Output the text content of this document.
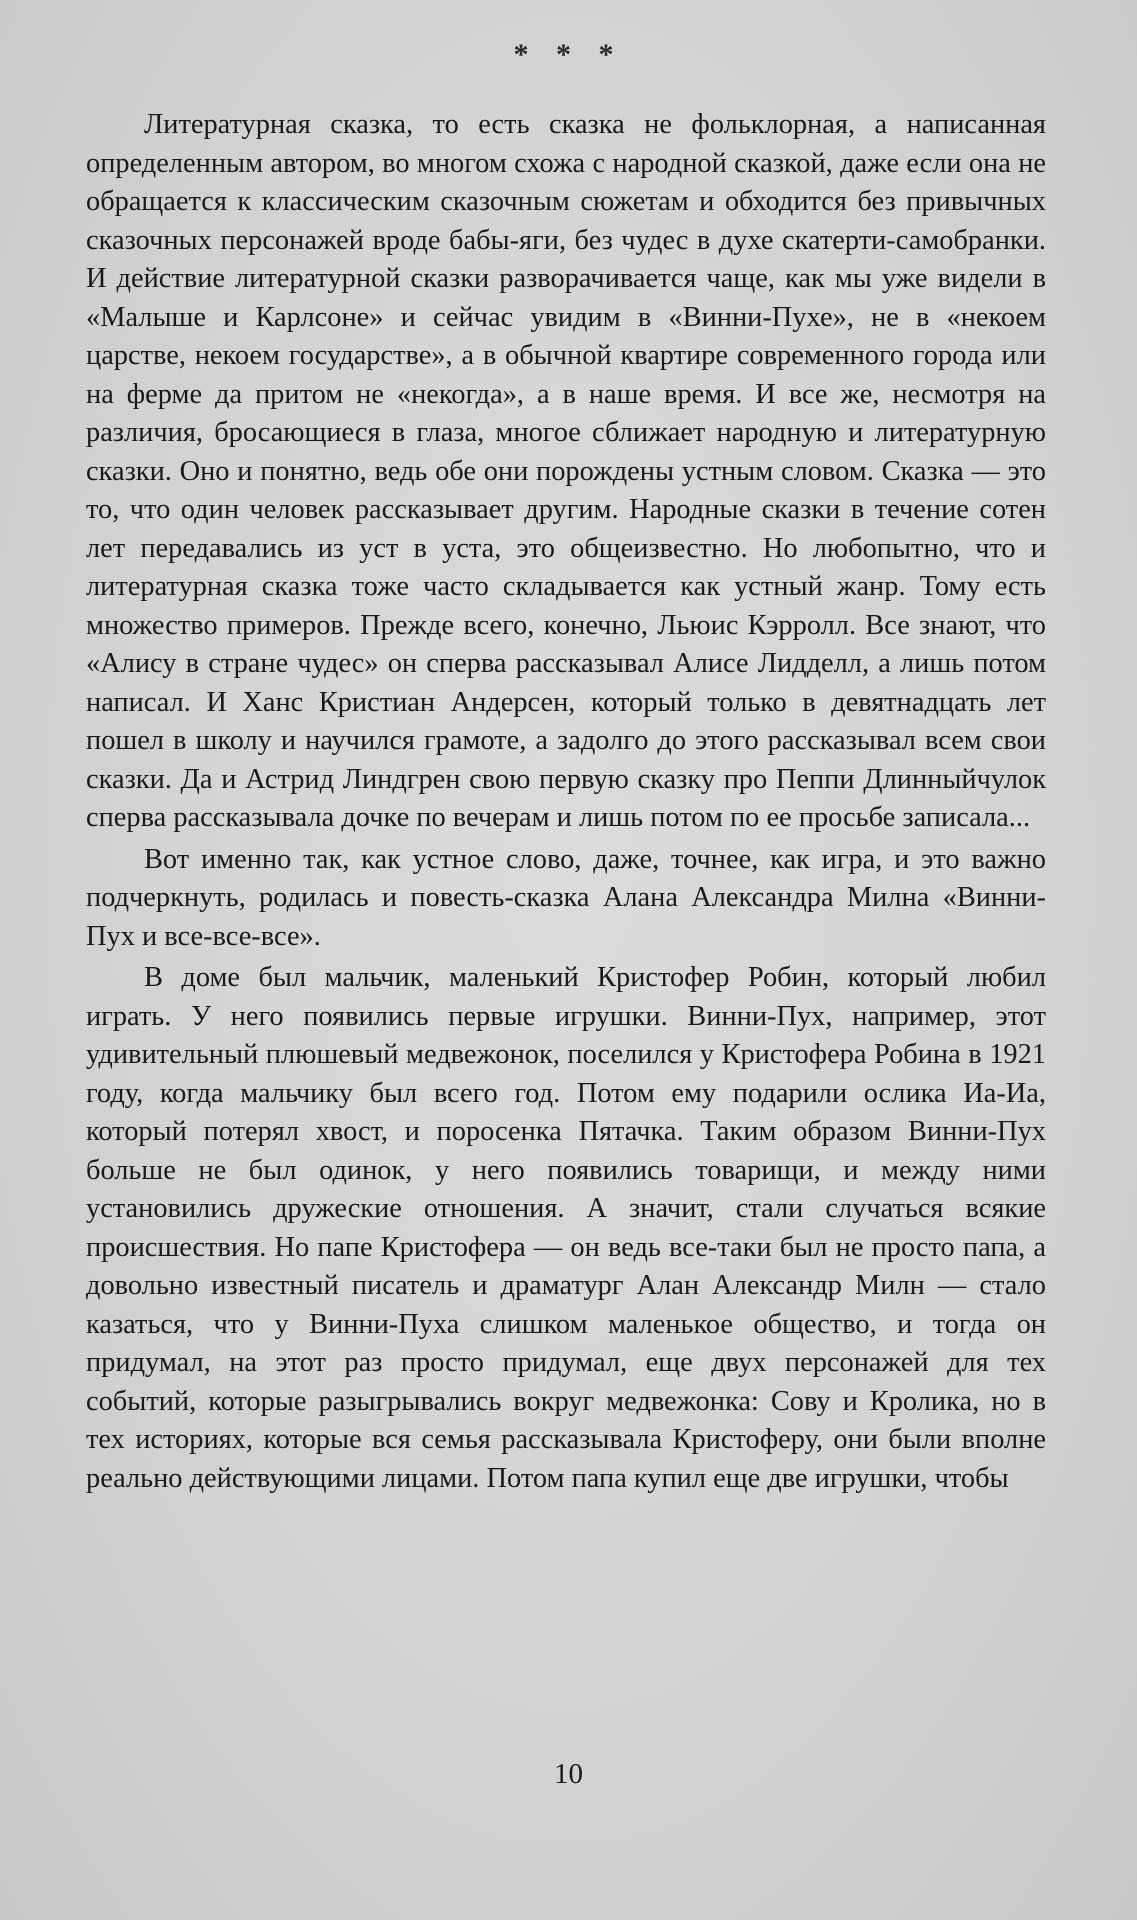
* * *

Литературная сказка, то есть сказка не фольклорная, а написанная определенным автором, во многом схожа с народной сказкой, даже если она не обращается к классическим сказочным сюжетам и обходится без привычных сказочных персонажей вроде бабы-яги, без чудес в духе скатерти-самобранки. И действие литературной сказки разворачивается чаще, как мы уже видели в «Малыше и Карлсоне» и сейчас увидим в «Винни-Пухе», не в «некоем царстве, некоем государстве», а в обычной квартире современного города или на ферме да притом не «некогда», а в наше время. И все же, несмотря на различия, бросающиеся в глаза, многое сближает народную и литературную сказки. Оно и понятно, ведь обе они порождены устным словом. Сказка — это то, что один человек рассказывает другим. Народные сказки в течение сотен лет передавались из уст в уста, это общеизвестно. Но любопытно, что и литературная сказка тоже часто складывается как устный жанр. Тому есть множество примеров. Прежде всего, конечно, Льюис Кэрролл. Все знают, что «Алису в стране чудес» он сперва рассказывал Алисе Лидделл, а лишь потом написал. И Ханс Кристиан Андерсен, который только в девятнадцать лет пошел в школу и научился грамоте, а задолго до этого рассказывал всем свои сказки. Да и Астрид Линдгрен свою первую сказку про Пеппи Длинныйчулок сперва рассказывала дочке по вечерам и лишь потом по ее просьбе записала...

Вот именно так, как устное слово, даже, точнее, как игра, и это важно подчеркнуть, родилась и повесть-сказка Алана Александра Милна «Винни-Пух и все-все-все».

В доме был мальчик, маленький Кристофер Робин, который любил играть. У него появились первые игрушки. Винни-Пух, например, этот удивительный плюшевый медвежонок, поселился у Кристофера Робина в 1921 году, когда мальчику был всего год. Потом ему подарили ослика Иа-Иа, который потерял хвост, и поросенка Пятачка. Таким образом Винни-Пух больше не был одинок, у него появились товарищи, и между ними установились дружеские отношения. А значит, стали случаться всякие происшествия. Но папе Кристофера — он ведь все-таки был не просто папа, а довольно известный писатель и драматург Алан Александр Милн — стало казаться, что у Винни-Пуха слишком маленькое общество, и тогда он придумал, на этот раз просто придумал, еще двух персонажей для тех событий, которые разыгрывались вокруг медвежонка: Сову и Кролика, но в тех историях, которые вся семья рассказывала Кристоферу, они были вполне реально действующими лицами. Потом папа купил еще две игрушки, чтобы

10
